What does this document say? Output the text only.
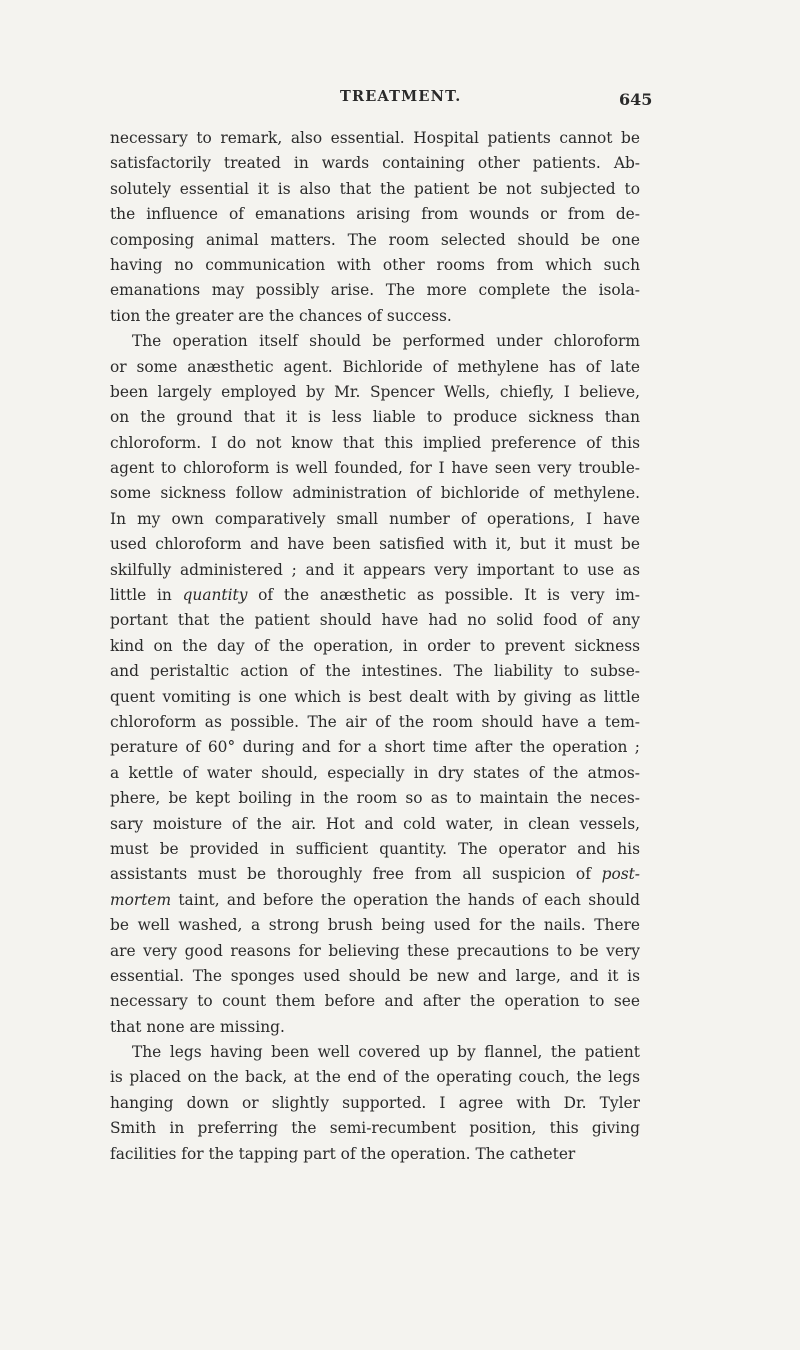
TREATMENT.	645
necessary to remark, also essential. Hospital patients cannot be
satisfactorily treated in wards containing other patients. Ab-
solutely essential it is also that the patient be not subjected to
the influence of emanations arising from wounds or from de-
composing animal matters. The room selected should be one
having no communication with other rooms from which such
emanations may possibly arise. The more complete the isola-
tion the greater are the chances of success.
The operation itself should be performed under chloroform
or some anæsthetic agent. Bichloride of methylene has of late
been largely employed by Mr. Spencer Wells, chiefly, I believe,
on the ground that it is less liable to produce sickness than
chloroform. I do not know that this implied preference of this
agent to chloroform is well founded, for I have seen very trouble-
some sickness follow administration of bichloride of methylene.
In my own comparatively small number of operations, I have
used chloroform and have been satisfied with it, but it must be
skilfully administered ; and it appears very important to use as
little in quantity of the anæsthetic as possible. It is very im-
portant that the patient should have had no solid food of any
kind on the day of the operation, in order to prevent sickness
and peristaltic action of the intestines. The liability to subse-
quent vomiting is one which is best dealt with by giving as little
chloroform as possible. The air of the room should have a tem-
perature of 60° during and for a short time after the operation ;
a kettle of water should, especially in dry states of the atmos-
phere, be kept boiling in the room so as to maintain the neces-
sary moisture of the air. Hot and cold water, in clean vessels,
must be provided in sufficient quantity. The operator and his
assistants must be thoroughly free from all suspicion of post-
mortem taint, and before the operation the hands of each should
be well washed, a strong brush being used for the nails. There
are very good reasons for believing these precautions to be very
essential. The sponges used should be new and large, and it is
necessary to count them before and after the operation to see
that none are missing.
The legs having been well covered up by flannel, the patient
is placed on the back, at the end of the operating couch, the legs
hanging down or slightly supported. I agree with Dr. Tyler
Smith in preferring the semi-recumbent position, this giving
facilities for the tapping part of the operation. The catheter
